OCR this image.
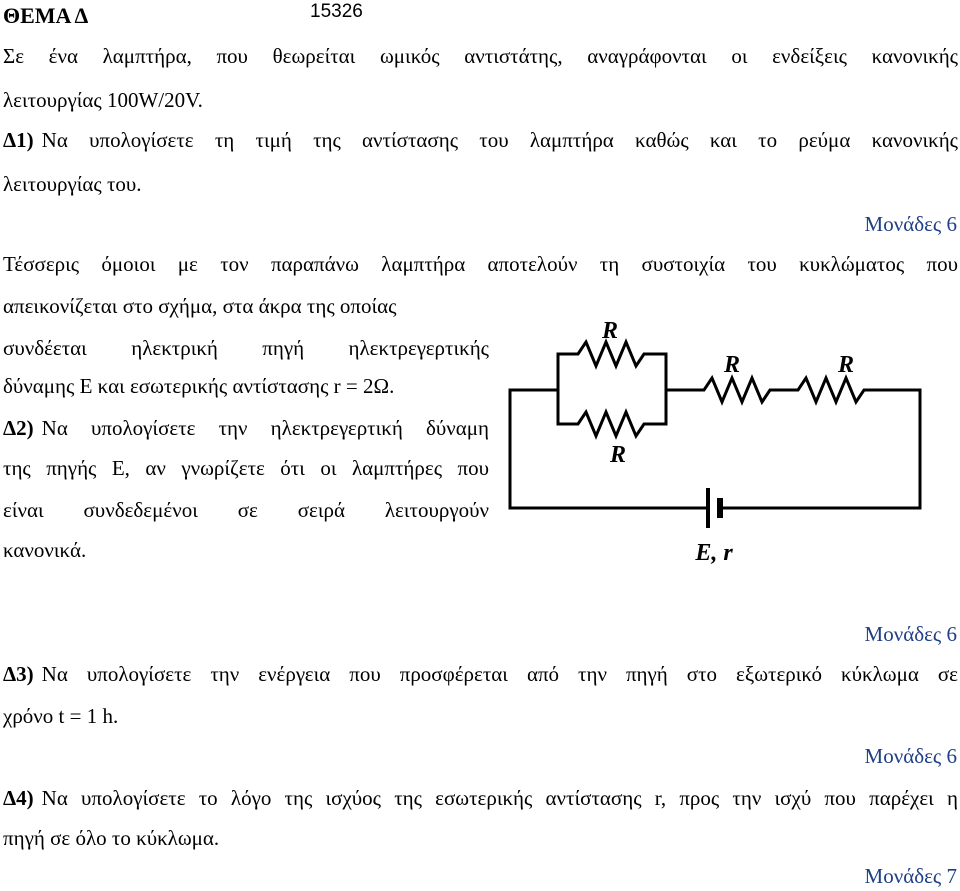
ΘΕΜΑ Δ	15326
Σε ένα λαμπτήρα, που θεωρείται ωμικός αντιστάτης, αναγράφονται οι ενδείξεις κανονικής
λειτουργίας 100W/20V.
Δ1) Να υπολογίσετε τη τιμή της αντίστασης του λαμπτήρα καθώς και το ρεύμα κανονικής
λειτουργίας του.
Μονάδες 6
Τέσσερις όμοιοι με τον παραπάνω λαμπτήρα αποτελούν τη συστοιχία του κυκλώματος που
απεικονίζεται στο σχήμα, στα άκρα της οποίας
συνδέεται ηλεκτρική πηγή ηλεκτρεγερτικής
δύναμης E και εσωτερικής αντίστασης r = 2Ω.
Δ2) Να υπολογίσετε την ηλεκτρεγερτική δύναμη
της πηγής E, αν γνωρίζετε ότι οι λαμπτήρες που
είναι συνδεδεμένοι σε σειρά λειτουργούν
κανονικά.
R
R	R
R
E, r
Μονάδες 6
Δ3) Να υπολογίσετε την ενέργεια που προσφέρεται από την πηγή στο εξωτερικό κύκλωμα σε
χρόνο t = 1 h.
Μονάδες 6
Δ4) Να υπολογίσετε το λόγο της ισχύος της εσωτερικής αντίστασης r, προς την ισχύ που παρέχει η
πηγή σε όλο το κύκλωμα.
Μονάδες 7
